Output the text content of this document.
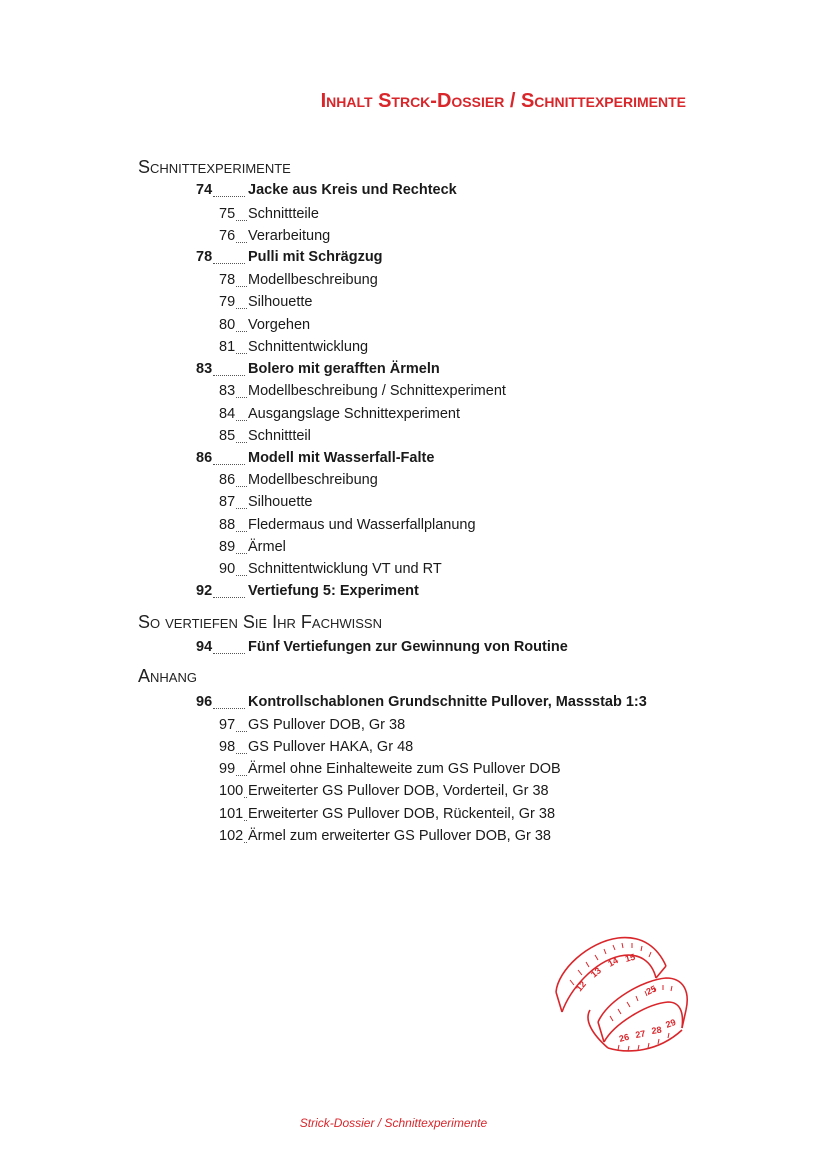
Inhalt Strck-Dossier / Schnittexperimente
Schnittexperimente
74 Jacke aus Kreis und Rechteck
75 Schnittteile
76 Verarbeitung
78 Pulli mit Schrägzug
78 Modellbeschreibung
79 Silhouette
80 Vorgehen
81 Schnittentwicklung
83 Bolero mit gerafften Ärmeln
83 Modellbeschreibung / Schnittexperiment
84 Ausgangslage Schnittexperiment
85 Schnittteil
86 Modell mit Wasserfall-Falte
86 Modellbeschreibung
87 Silhouette
88 Fledermaus und Wasserfallplanung
89 Ärmel
90 Schnittentwicklung VT und RT
92 Vertiefung 5: Experiment
So vertiefen Sie Ihr Fachwissn
94 Fünf Vertiefungen zur Gewinnung von Routine
Anhang
96 Kontrollschablonen Grundschnitte Pullover, Massstab 1:3
97 GS Pullover DOB, Gr 38
98 GS Pullover HAKA, Gr 48
99 Ärmel ohne Einhalteweite zum GS Pullover DOB
100 Erweiterter GS Pullover DOB, Vorderteil, Gr 38
101 Erweiterter GS Pullover DOB, Rückenteil, Gr 38
102 Ärmel zum erweiterter GS Pullover DOB, Gr 38
12
13
14 15
25
26 27 28
29
Strick-Dossier / Schnittexperimente
